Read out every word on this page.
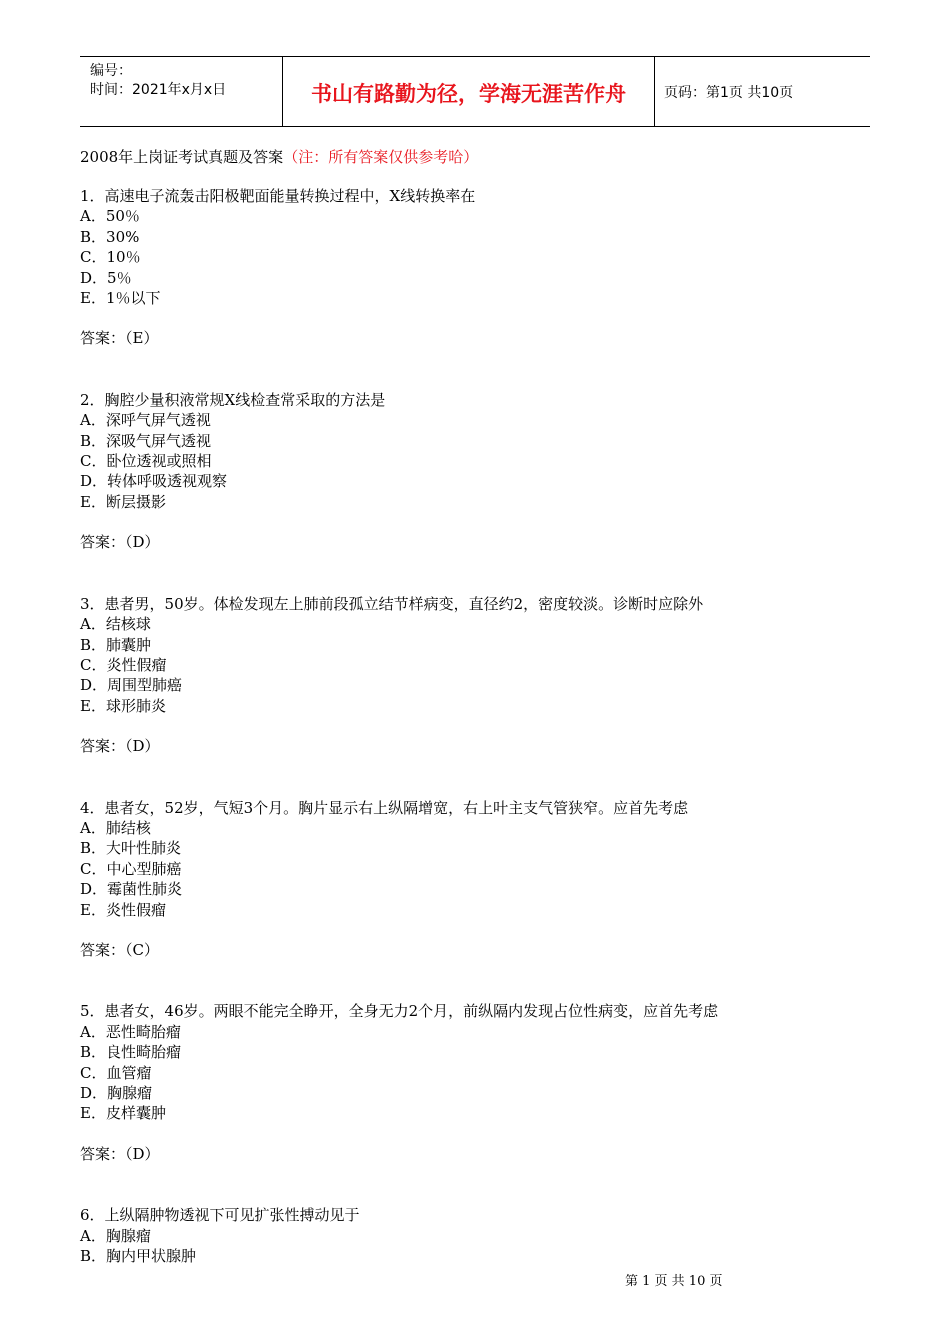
编号：
时间：2021年x月x日	书山有路勤为径，学海无涯苦作舟	页码：第1页 共10页
2008年上岗证考试真题及答案（注：所有答案仅供参考哈）
1．高速电子流轰击阳极靶面能量转换过程中，X线转换率在
A．50％
B．30%
C．10％
D．5％
E．1％以下
答案：（E）
2．胸腔少量积液常规X线检查常采取的方法是
A．深呼气屏气透视
B．深吸气屏气透视
C．卧位透视或照相
D．转体呼吸透视观察
E．断层摄影
答案：（D）
3．患者男，50岁。体检发现左上肺前段孤立结节样病变，直径约2，密度较淡。诊断时应除外
A．结核球
B．肺囊肿
C．炎性假瘤
D．周围型肺癌
E．球形肺炎
答案：（D）
4．患者女，52岁，气短3个月。胸片显示右上纵隔增宽，右上叶主支气管狭窄。应首先考虑
A．肺结核
B．大叶性肺炎
C．中心型肺癌
D．霉菌性肺炎
E．炎性假瘤
答案：（C）
5．患者女，46岁。两眼不能完全睁开，全身无力2个月，前纵隔内发现占位性病变，应首先考虑
A．恶性畸胎瘤
B．良性畸胎瘤
C．血管瘤
D．胸腺瘤
E．皮样囊肿
答案：（D）
6．上纵隔肿物透视下可见扩张性搏动见于
A．胸腺瘤
B．胸内甲状腺肿
第 1 页 共 10 页
